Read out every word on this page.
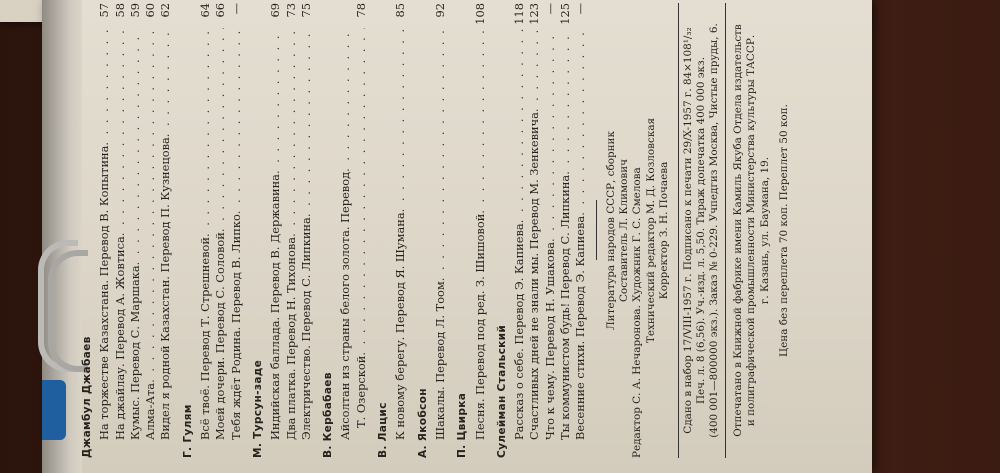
Джамбул Джабаев На торжестве Казахстана. Перевод В. Копытина
. . .
57
На джайлау. Перевод А. Жовтиса
. . .
58
Кумыс. Перевод С. Маршака
. . .
59
Алма-Ата
. . .
60
Видел я родной Казахстан. Перевод П. Кузнецова
. . .
62
Г. Гулям Всё твоё. Перевод Т. Стрешневой
. . .
64
Моей дочери. Перевод С. Соловой
. . .
66
Тебя ждёт Родина. Перевод В. Липко
. . .
—
М. Турсун-заде Индийская баллада. Перевод В. Державина
. . .
69
Два платка. Перевод Н. Тихонова
. . .
73
Электричество. Перевод С. Липкина
. . .
75
В. Кербабаев Айсолтан из страны белого золота. Перевод
. . . Т. Озерской
. . .
78
В. Лацис К новому берегу. Перевод Я. Шумана
. . .
85
А. Якобсон Шакалы. Перевод Л. Тоом
. . .
92
П. Цвирка Песня. Перевод под ред. З. Шишовой
. . .
108
Сулейман Стальский Рассказ о себе. Перевод Э. Капиева
. . .
118
Счастливых дней не знали мы. Перевод М. Зенкевича
. . .
123
Что к чему. Перевод Н. Ушакова
. . .
—
Ты коммунистом будь! Перевод С. Липкина
. . .
125
Весенние стихи. Перевод Э. Капиева
. . .
—
Литература народов СССР, сборник Составитель Л. Климович Редактор С. А. Нечаронова. Художник Г. С. Смелова Технический редактор М. Д. Козловская Корректор З. Н. Почаева Сдано в набор 17/VIII-1957 г. Подписано к печати 29/X-1957 г. 84×108¹/₃₂ Печ. л. 8 (6,56). Уч.-изд. л. 5,50. Тираж допечатка 400 000 экз. (400 001—800000 экз.). Заказ № 0-229. Учпедгиз Москва, Чистые пруды, 6. Отпечатано в Книжной фабрике имени Камиль Якуба Отдела издательств и полиграфической промышленности Министерства культуры ТАССР. г. Казань, ул. Баумана, 19. Цена без переплета 70 коп. Переплет 50 коп.
